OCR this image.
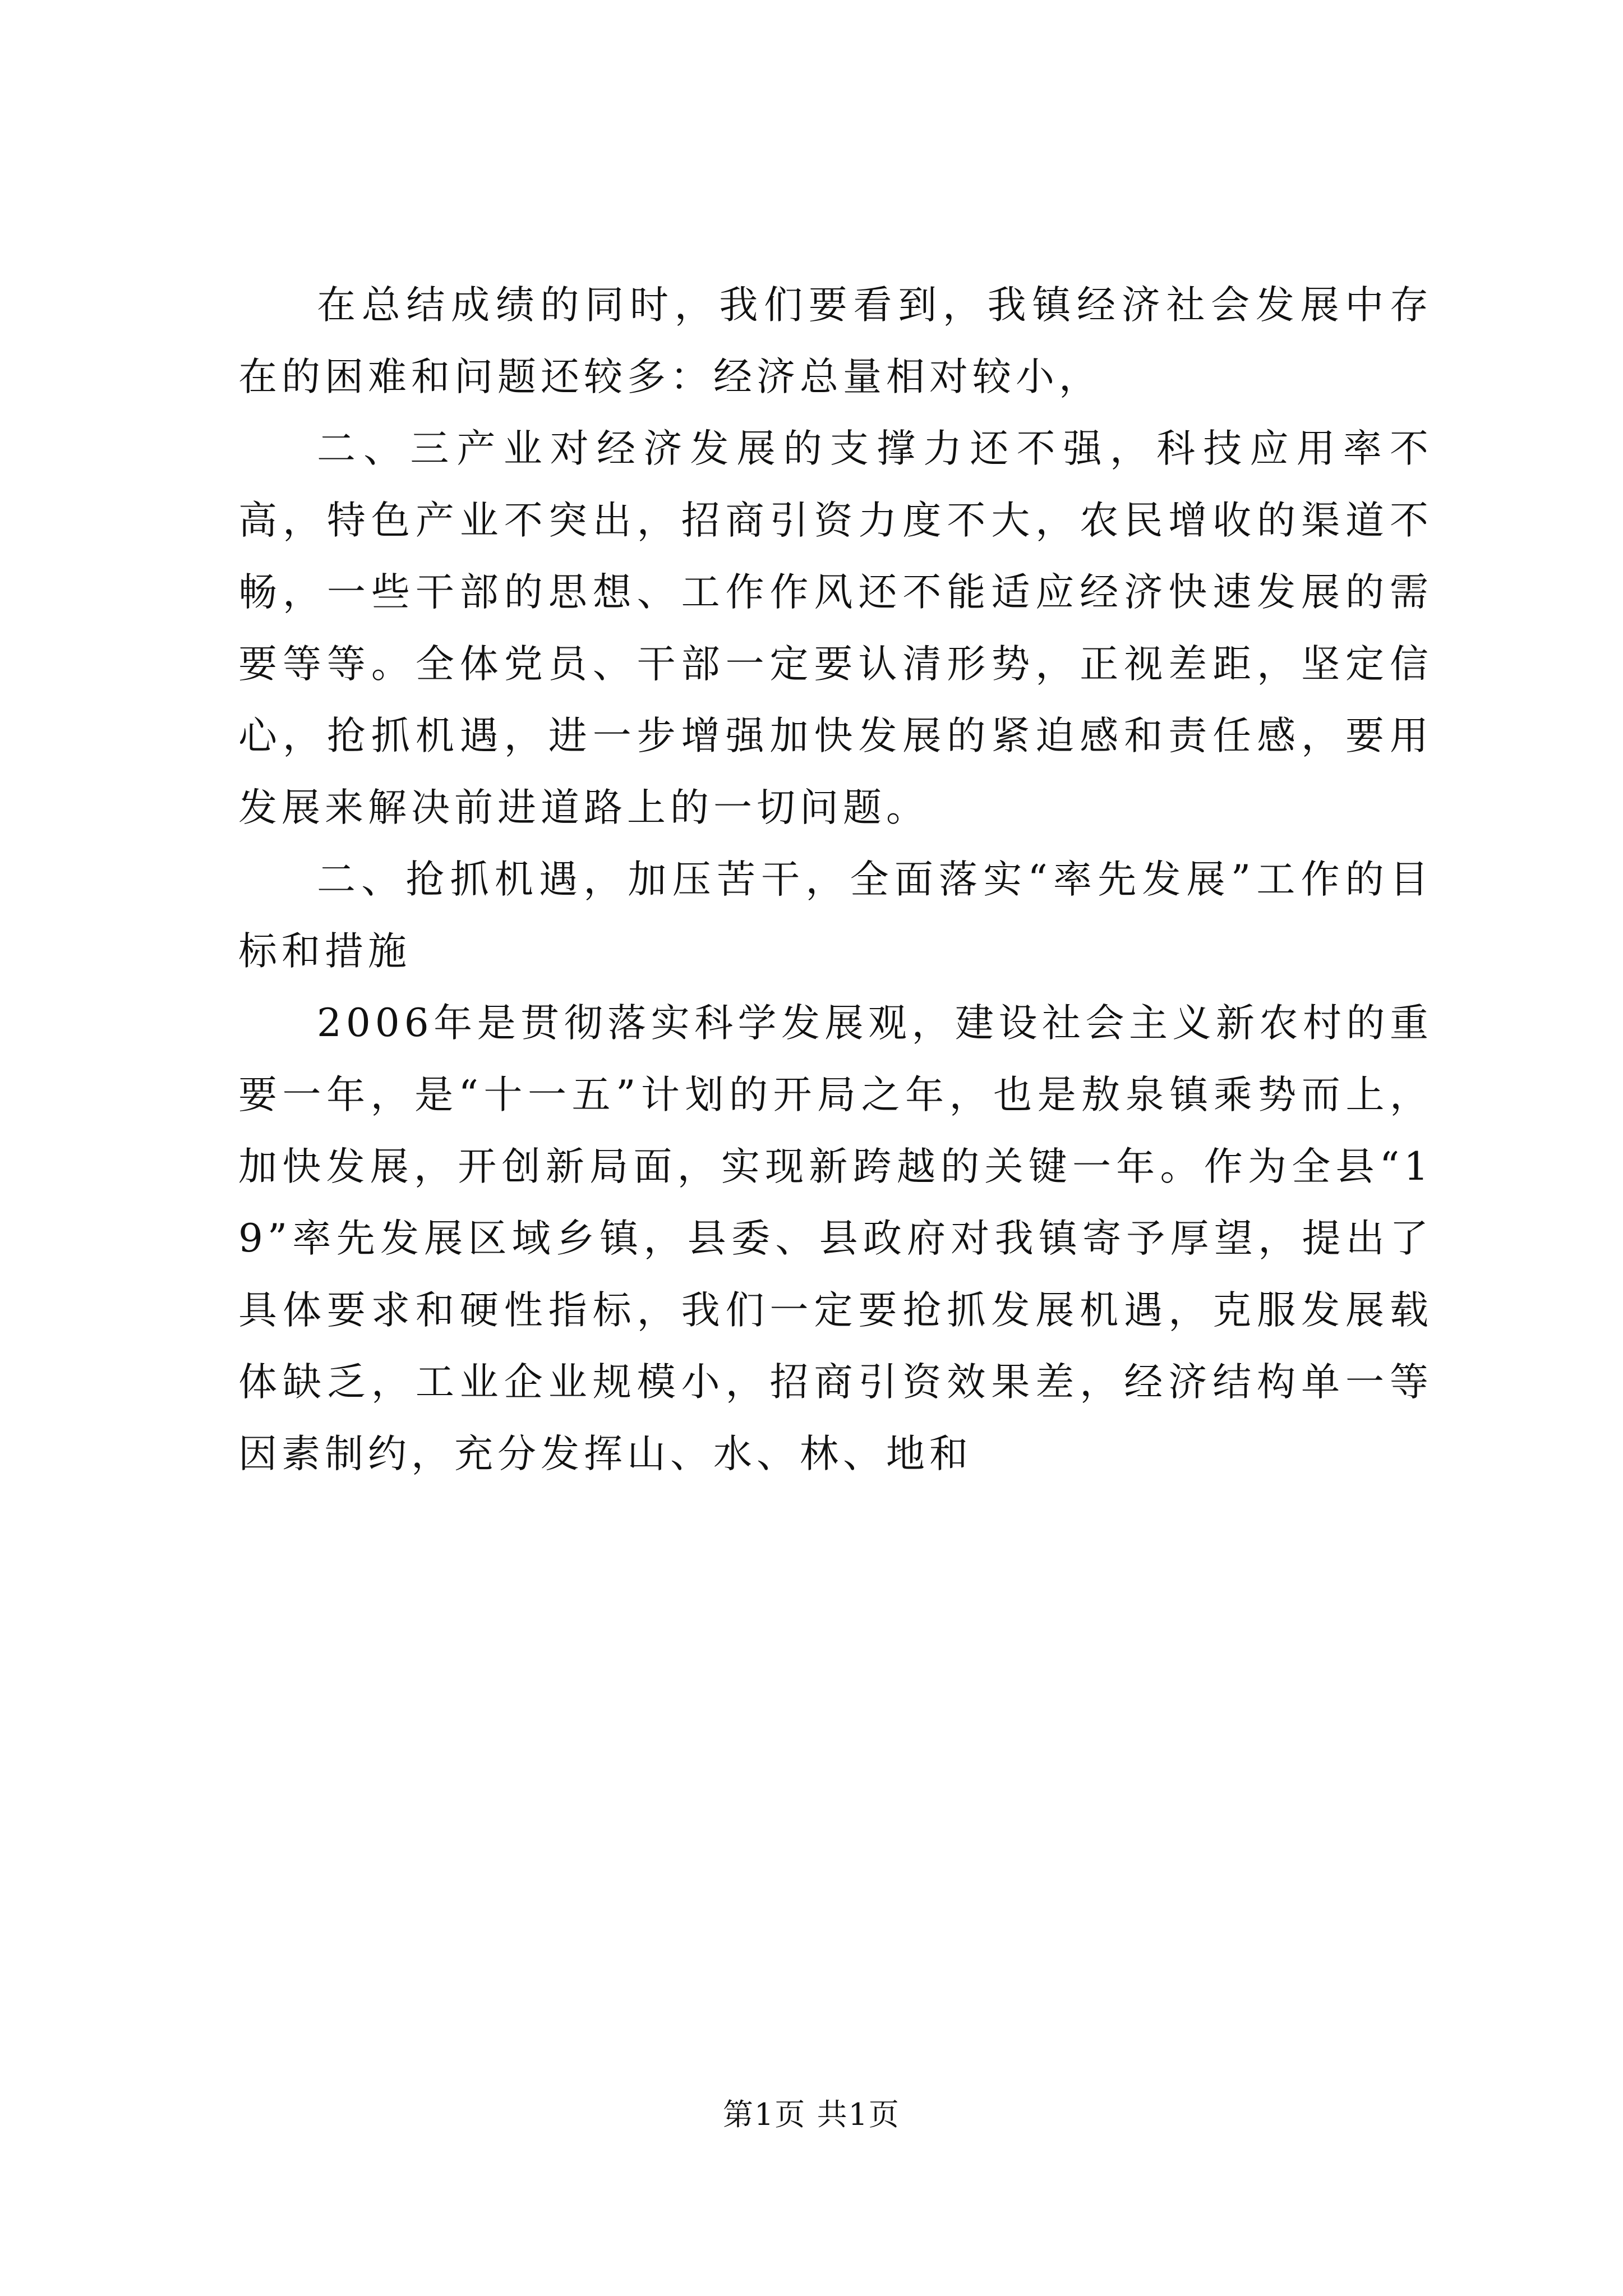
在总结成绩的同时，我们要看到，我镇经济社会发展中存在的困难和问题还较多：经济总量相对较小，

二、三产业对经济发展的支撑力还不强，科技应用率不高，特色产业不突出，招商引资力度不大，农民增收的渠道不畅，一些干部的思想、工作作风还不能适应经济快速发展的需要等等。全体党员、干部一定要认清形势，正视差距，坚定信心，抢抓机遇，进一步增强加快发展的紧迫感和责任感，要用发展来解决前进道路上的一切问题。

二、抢抓机遇，加压苦干，全面落实“率先发展”工作的目标和措施

2006年是贯彻落实科学发展观，建设社会主义新农村的重要一年，是“十一五”计划的开局之年，也是敖泉镇乘势而上，加快发展，开创新局面，实现新跨越的关键一年。作为全县“19”率先发展区域乡镇，县委、县政府对我镇寄予厚望，提出了具体要求和硬性指标，我们一定要抢抓发展机遇，克服发展载体缺乏，工业企业规模小，招商引资效果差，经济结构单一等因素制约，充分发挥山、水、林、地和

第1页 共1页
